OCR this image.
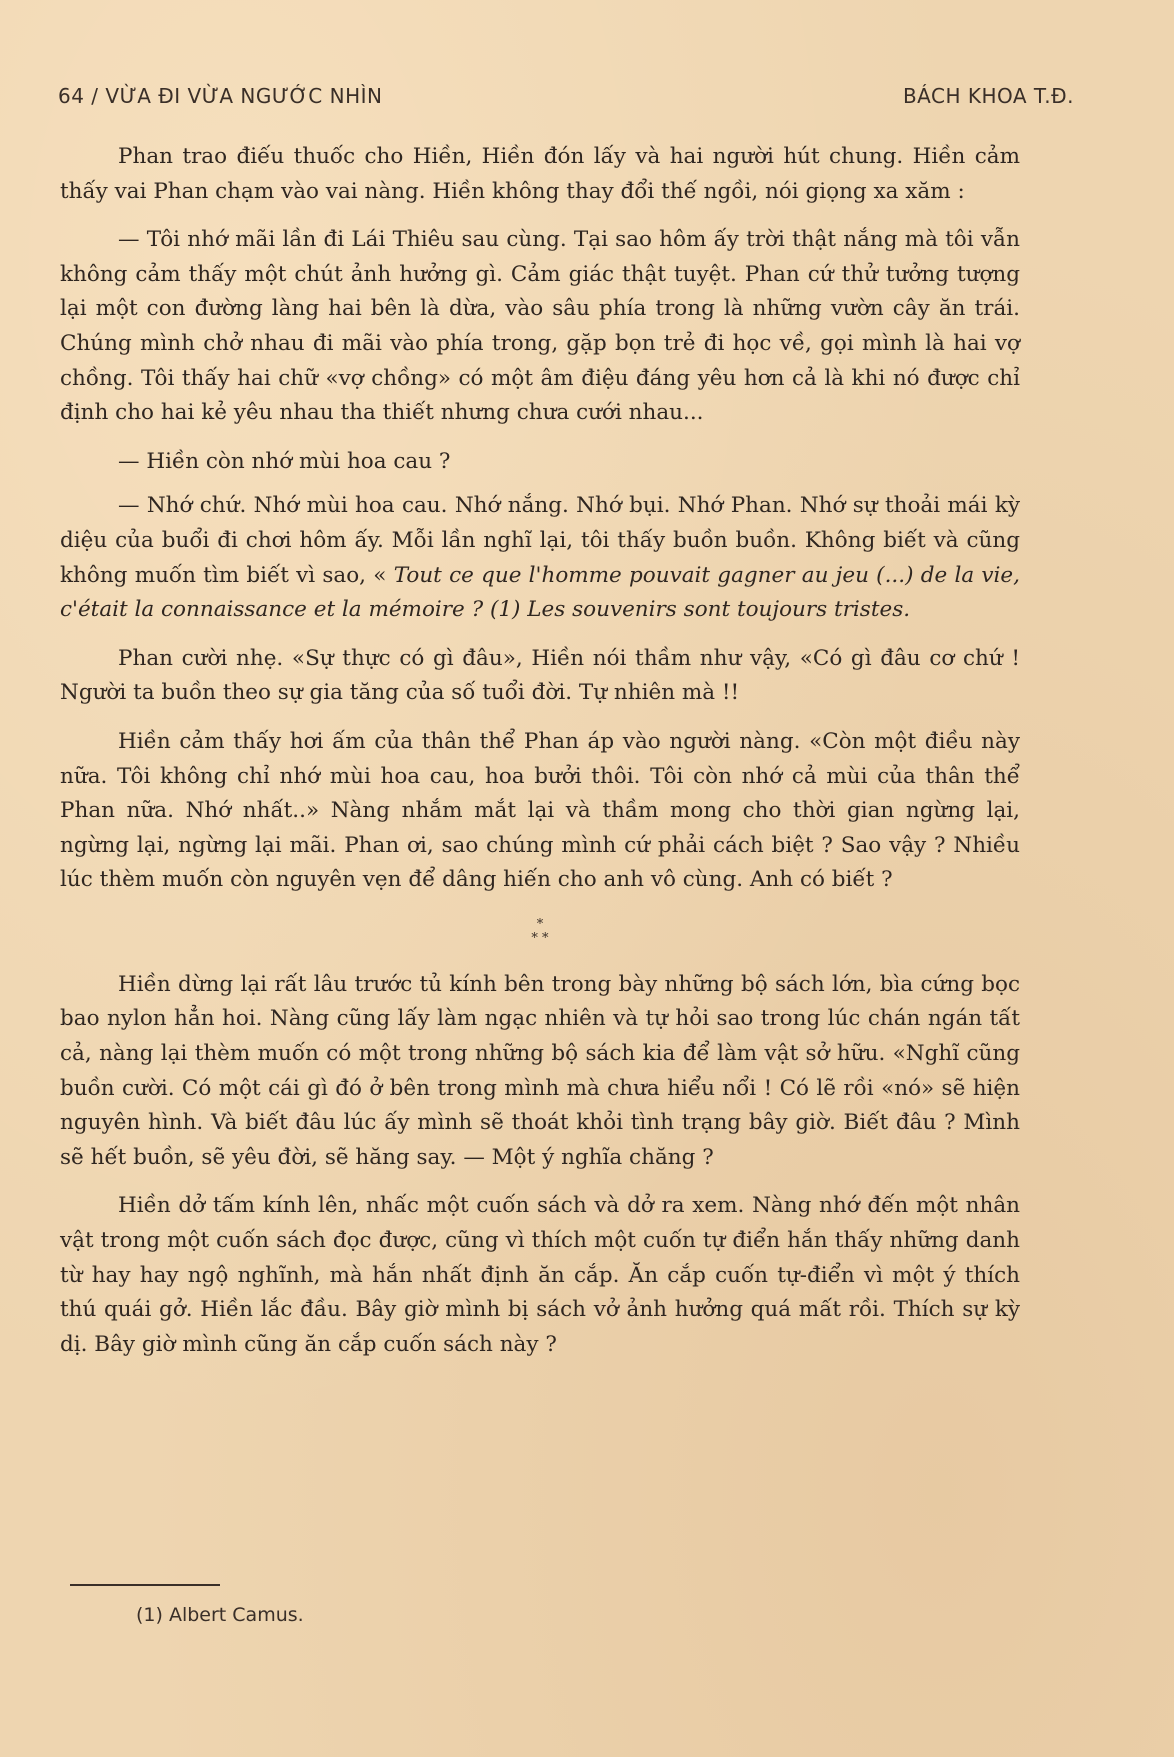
64 / VỪA ĐI VỪA NGƯỚC NHÌN	BÁCH KHOA T.Đ.

Phan trao điếu thuốc cho Hiền, Hiền đón lấy và hai người hút chung. Hiền cảm thấy vai Phan chạm vào vai nàng. Hiền không thay đổi thế ngồi, nói giọng xa xăm :

— Tôi nhớ mãi lần đi Lái Thiêu sau cùng. Tại sao hôm ấy trời thật nắng mà tôi vẫn không cảm thấy một chút ảnh hưởng gì. Cảm giác thật tuyệt. Phan cứ thử tưởng tượng lại một con đường làng hai bên là dừa, vào sâu phía trong là những vườn cây ăn trái. Chúng mình chở nhau đi mãi vào phía trong, gặp bọn trẻ đi học về, gọi mình là hai vợ chồng. Tôi thấy hai chữ «vợ chồng» có một âm điệu đáng yêu hơn cả là khi nó được chỉ định cho hai kẻ yêu nhau tha thiết nhưng chưa cưới nhau...

— Hiền còn nhớ mùi hoa cau ?

— Nhớ chứ. Nhớ mùi hoa cau. Nhớ nắng. Nhớ bụi. Nhớ Phan. Nhớ sự thoải mái kỳ diệu của buổi đi chơi hôm ấy. Mỗi lần nghĩ lại, tôi thấy buồn buồn. Không biết và cũng không muốn tìm biết vì sao, « Tout ce que l'homme pouvait gagner au jeu (...) de la vie, c'était la connaissance et la mémoire ? (1) Les souvenirs sont toujours tristes.

Phan cười nhẹ. «Sự thực có gì đâu», Hiền nói thầm như vậy, «Có gì đâu cơ chứ ! Người ta buồn theo sự gia tăng của số tuổi đời. Tự nhiên mà !!

Hiền cảm thấy hơi ấm của thân thể Phan áp vào người nàng. «Còn một điều này nữa. Tôi không chỉ nhớ mùi hoa cau, hoa bưởi thôi. Tôi còn nhớ cả mùi của thân thể Phan nữa. Nhớ nhất..» Nàng nhắm mắt lại và thầm mong cho thời gian ngừng lại, ngừng lại, ngừng lại mãi. Phan ơi, sao chúng mình cứ phải cách biệt ? Sao vậy ? Nhiều lúc thèm muốn còn nguyên vẹn để dâng hiến cho anh vô cùng. Anh có biết ?

*
* *

Hiền dừng lại rất lâu trước tủ kính bên trong bày những bộ sách lớn, bìa cứng bọc bao nylon hẳn hoi. Nàng cũng lấy làm ngạc nhiên và tự hỏi sao trong lúc chán ngán tất cả, nàng lại thèm muốn có một trong những bộ sách kia để làm vật sở hữu. «Nghĩ cũng buồn cười. Có một cái gì đó ở bên trong mình mà chưa hiểu nổi ! Có lẽ rồi «nó» sẽ hiện nguyên hình. Và biết đâu lúc ấy mình sẽ thoát khỏi tình trạng bây giờ. Biết đâu ? Mình sẽ hết buồn, sẽ yêu đời, sẽ hăng say. — Một ý nghĩa chăng ?

Hiền dở tấm kính lên, nhấc một cuốn sách và dở ra xem. Nàng nhớ đến một nhân vật trong một cuốn sách đọc được, cũng vì thích một cuốn tự điển hắn thấy những danh từ hay hay ngộ nghĩnh, mà hắn nhất định ăn cắp. Ăn cắp cuốn tự-điển vì một ý thích thú quái gở. Hiền lắc đầu. Bây giờ mình bị sách vở ảnh hưởng quá mất rồi. Thích sự kỳ dị. Bây giờ mình cũng ăn cắp cuốn sách này ?

(1) Albert Camus.
